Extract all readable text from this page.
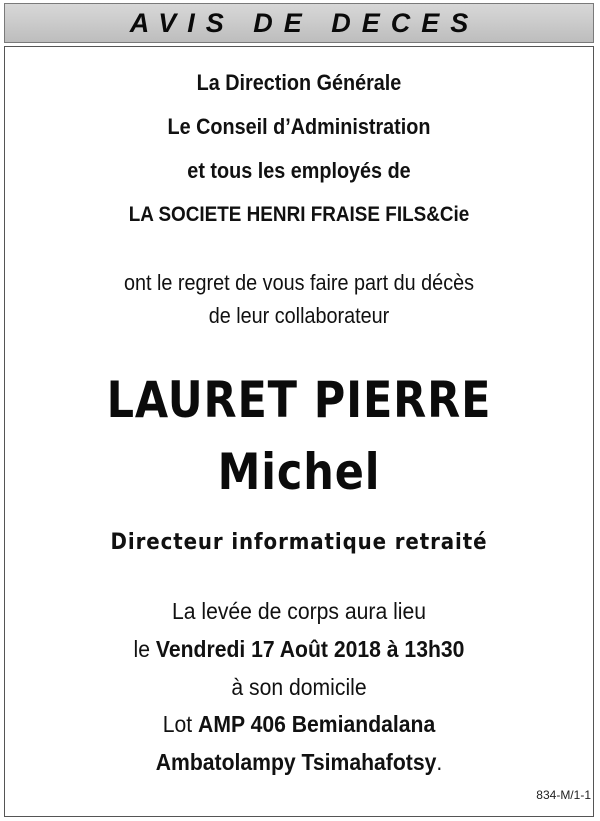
AVIS DE DECES
La Direction Générale
Le Conseil d’Administration
et tous les employés de
LA SOCIETE HENRI FRAISE FILS&Cie
ont le regret de vous faire part du décès
de leur collaborateur
LAURET PIERRE
Michel
Directeur informatique retraité
La levée de corps aura lieu
le Vendredi 17 Août 2018 à 13h30
à son domicile
Lot AMP 406 Bemiandalana
Ambatolampy Tsimahafotsy.
834-M/1-1
